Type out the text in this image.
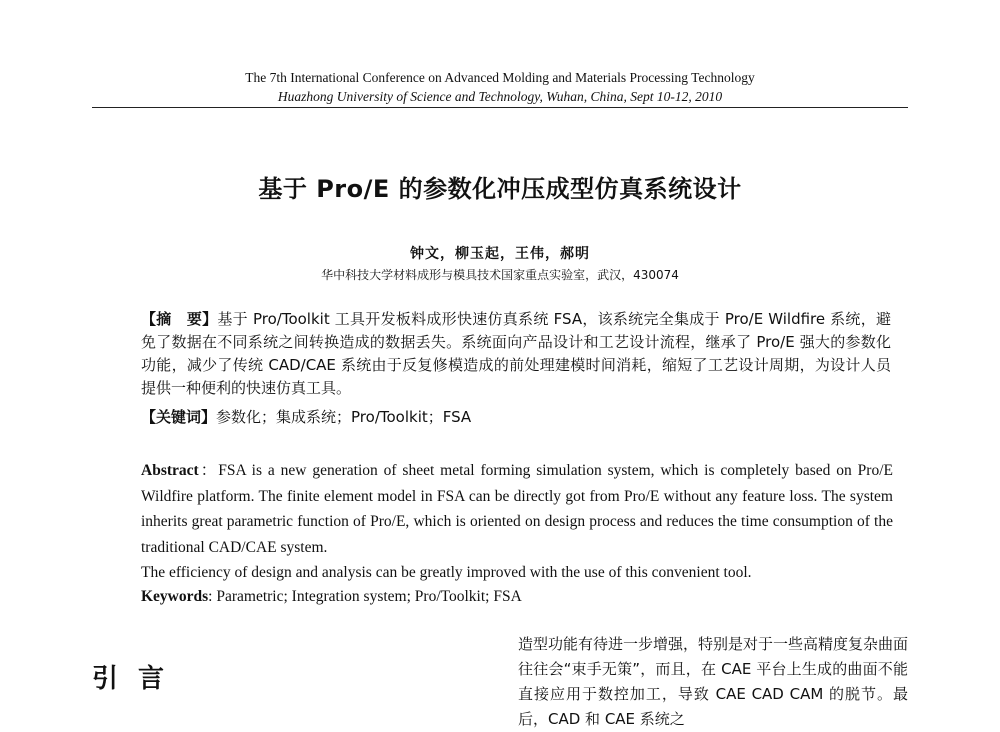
The 7th International Conference on Advanced Molding and Materials Processing Technology
Huazhong University of Science and Technology, Wuhan, China, Sept 10-12, 2010
基于 Pro/E 的参数化冲压成型仿真系统设计
钟文，柳玉起，王伟，郝明
华中科技大学材料成形与模具技术国家重点实验室，武汉，430074
【摘　要】基于 Pro/Toolkit 工具开发板料成形快速仿真系统 FSA，该系统完全集成于 Pro/E Wildfire 系统，避免了数据在不同系统之间转换造成的数据丢失。系统面向产品设计和工艺设计流程，继承了 Pro/E 强大的参数化功能，减少了传统 CAD/CAE 系统由于反复修模造成的前处理建模时间消耗，缩短了工艺设计周期，为设计人员提供一种便利的快速仿真工具。
【关键词】参数化；集成系统；Pro/Toolkit；FSA
Abstract：FSA is a new generation of sheet metal forming simulation system, which is completely based on Pro/E Wildfire platform. The finite element model in FSA can be directly got from Pro/E without any feature loss. The system inherits great parametric function of Pro/E, which is oriented on design process and reduces the time consumption of the traditional CAD/CAE system.
The efficiency of design and analysis can be greatly improved with the use of this convenient tool.
Keywords: Parametric; Integration system; Pro/Toolkit; FSA
引言
造型功能有待进一步增强，特别是对于一些高精度复杂曲面往往会“束手无策”，而且，在 CAE 平台上生成的曲面不能直接应用于数控加工，导致 CAE CAD CAM 的脱节。最后，CAD 和 CAE 系统之
